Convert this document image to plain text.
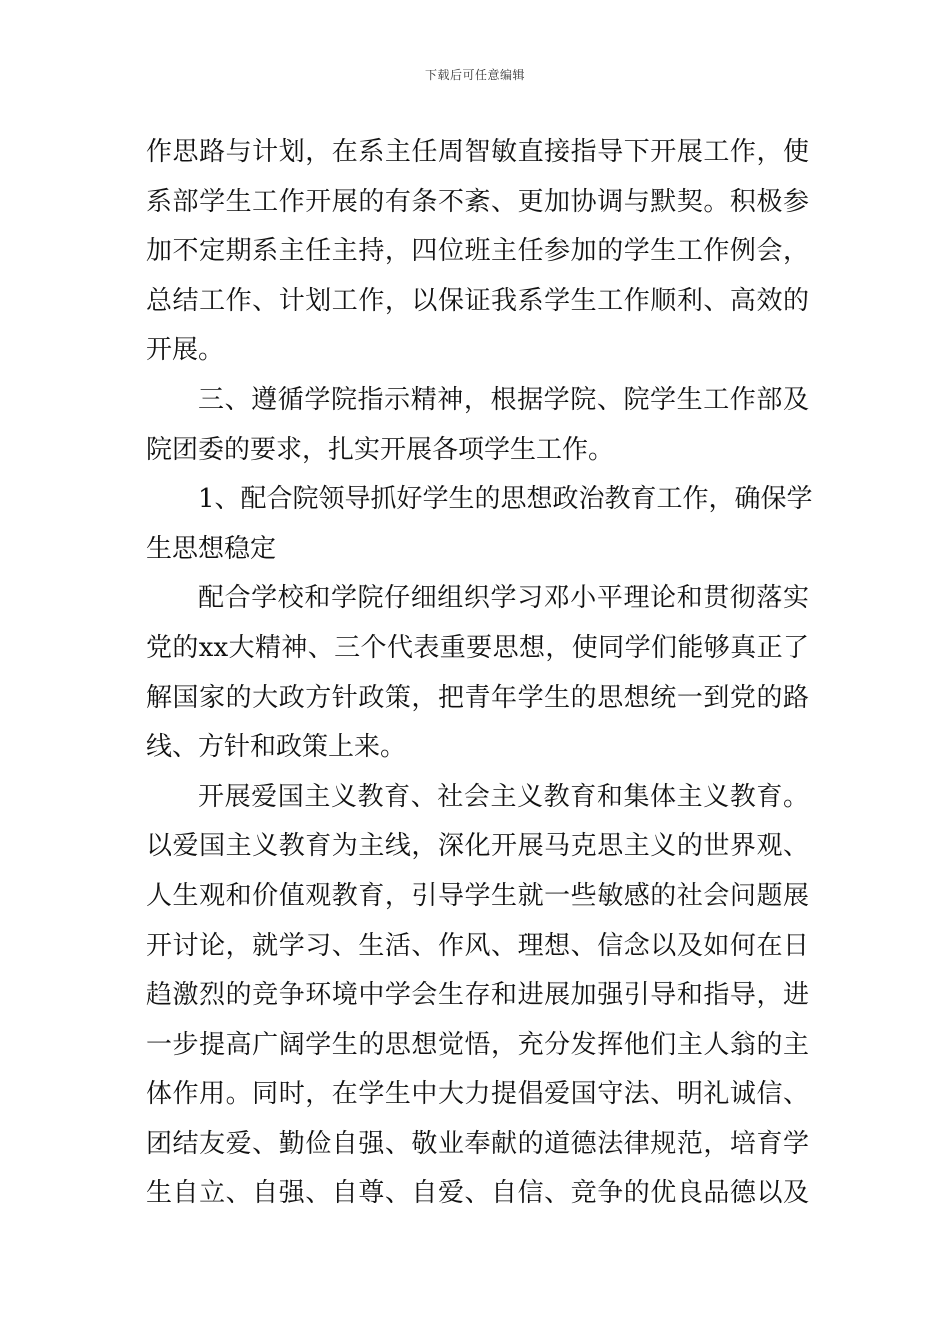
下载后可任意编辑
作思路与计划，在系主任周智敏直接指导下开展工作，使
系部学生工作开展的有条不紊、更加协调与默契。积极参
加不定期系主任主持，四位班主任参加的学生工作例会，
总结工作、计划工作，以保证我系学生工作顺利、高效的
开展。
三、遵循学院指示精神，根据学院、院学生工作部及
院团委的要求，扎实开展各项学生工作。
1、配合院领导抓好学生的思想政治教育工作，确保学
生思想稳定
配合学校和学院仔细组织学习邓小平理论和贯彻落实
党的xx大精神、三个代表重要思想，使同学们能够真正了
解国家的大政方针政策，把青年学生的思想统一到党的路
线、方针和政策上来。
开展爱国主义教育、社会主义教育和集体主义教育。
以爱国主义教育为主线，深化开展马克思主义的世界观、
人生观和价值观教育，引导学生就一些敏感的社会问题展
开讨论，就学习、生活、作风、理想、信念以及如何在日
趋激烈的竞争环境中学会生存和进展加强引导和指导，进
一步提高广阔学生的思想觉悟，充分发挥他们主人翁的主
体作用。同时，在学生中大力提倡爱国守法、明礼诚信、
团结友爱、勤俭自强、敬业奉献的道德法律规范，培育学
生自立、自强、自尊、自爱、自信、竞争的优良品德以及
